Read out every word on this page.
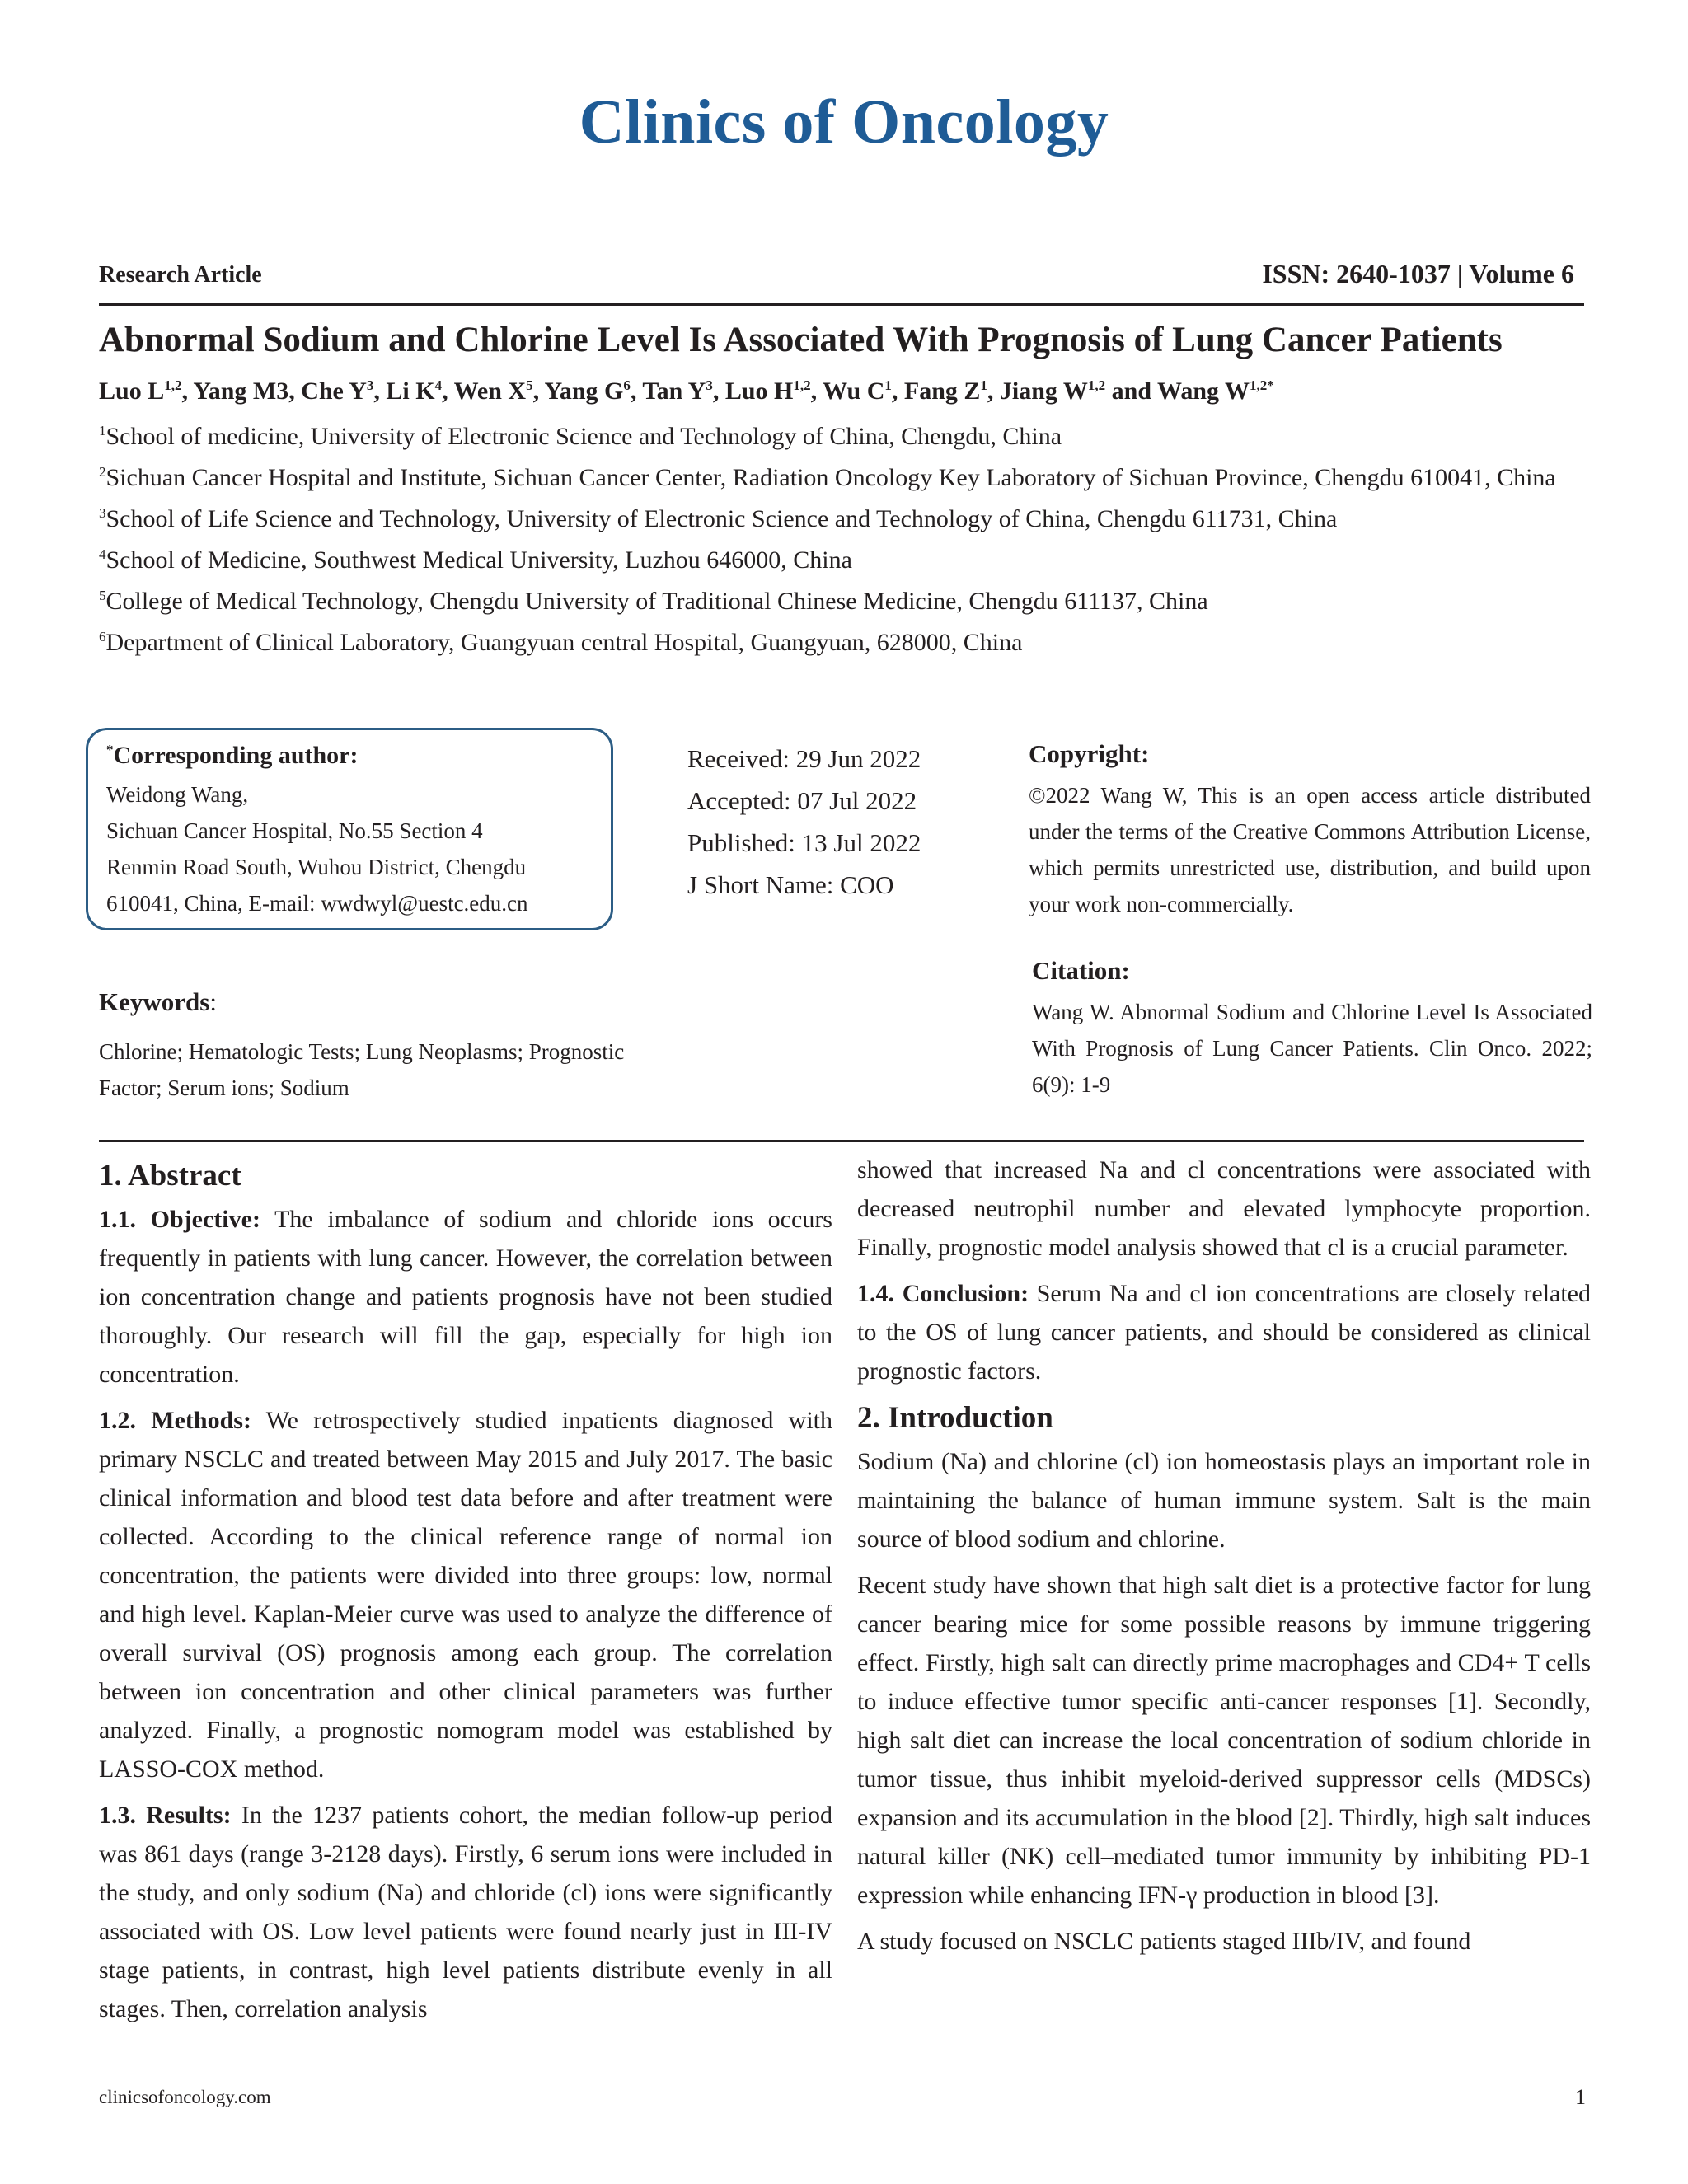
Clinics of Oncology
Research Article	ISSN: 2640-1037 | Volume 6
Abnormal Sodium and Chlorine Level Is Associated With Prognosis of Lung Cancer Patients
Luo L$^{1,2}$, Yang M3, Che $Y^3$, Li $K^4$, Wen $X^5$, Yang $G^6$, Tan $Y^3$, Luo H$^{1,2}$, Wu $C^1$, Fang $Z^1$, Jiang W$^{1,2}$ and Wang $W^{1,2*}$
$^1$School of medicine, University of Electronic Science and Technology of China, Chengdu, China
$^2$Sichuan Cancer Hospital and Institute, Sichuan Cancer Center, Radiation Oncology Key Laboratory of Sichuan Province, Chengdu 610041, China
$^3$School of Life Science and Technology, University of Electronic Science and Technology of China, Chengdu 611731, China
$^4$School of Medicine, Southwest Medical University, Luzhou 646000, China
$^5$College of Medical Technology, Chengdu University of Traditional Chinese Medicine, Chengdu 611137, China
$^6$Department of Clinical Laboratory, Guangyuan central Hospital, Guangyuan, 628000, China
*Corresponding author:
Weidong Wang,
Sichuan Cancer Hospital, No.55 Section 4
Renmin Road South, Wuhou District, Chengdu
610041, China, E-mail: wwdwyl@uestc.edu.cn
Received: 29 Jun 2022
Accepted: 07 Jul 2022
Published: 13 Jul 2022
J Short Name: COO
Copyright:
©2022 Wang W, This is an open access article distributed under the terms of the Creative Commons Attribution License, which permits unrestricted use, distribution, and build upon your work non-commercially.
Citation:
Wang W. Abnormal Sodium and Chlorine Level Is Associated With Prognosis of Lung Cancer Patients. Clin Onco. 2022; 6(9): 1-9
Keywords:
Chlorine; Hematologic Tests; Lung Neoplasms; Prognostic Factor; Serum ions; Sodium
1. Abstract

1.1. Objective: The imbalance of sodium and chloride ions occurs frequently in patients with lung cancer. However, the correlation between ion concentration change and patients prognosis have not been studied thoroughly. Our research will fill the gap, especially for high ion concentration.

1.2. Methods: We retrospectively studied inpatients diagnosed with primary NSCLC and treated between May 2015 and July 2017. The basic clinical information and blood test data before and after treatment were collected. According to the clinical reference range of normal ion concentration, the patients were divided into three groups: low, normal and high level. Kaplan-Meier curve was used to analyze the difference of overall survival (OS) prognosis among each group. The correlation between ion concentration and other clinical parameters was further analyzed. Finally, a prognostic nomogram model was established by LASSO-COX method.

1.3. Results: In the 1237 patients cohort, the median follow-up period was 861 days (range 3-2128 days). Firstly, 6 serum ions were included in the study, and only sodium (Na) and chloride (cl) ions were significantly associated with OS. Low level patients were found nearly just in III-IV stage patients, in contrast, high level patients distribute evenly in all stages. Then, correlation analysis

showed that increased Na and cl concentrations were associated with decreased neutrophil number and elevated lymphocyte proportion. Finally, prognostic model analysis showed that cl is a crucial parameter.

1.4. Conclusion: Serum Na and cl ion concentrations are closely related to the OS of lung cancer patients, and should be considered as clinical prognostic factors.

2. Introduction

Sodium (Na) and chlorine (cl) ion homeostasis plays an important role in maintaining the balance of human immune system. Salt is the main source of blood sodium and chlorine.

Recent study have shown that high salt diet is a protective factor for lung cancer bearing mice for some possible reasons by immune triggering effect. Firstly, high salt can directly prime macrophages and CD4+ T cells to induce effective tumor specific anti-cancer responses [1]. Secondly, high salt diet can increase the local concentration of sodium chloride in tumor tissue, thus inhibit myeloid-derived suppressor cells (MDSCs) expansion and its accumulation in the blood [2]. Thirdly, high salt induces natural killer (NK) cell–mediated tumor immunity by inhibiting PD-1 expression while enhancing IFN-γ production in blood [3].

A study focused on NSCLC patients staged IIIb/IV, and found

clinicsofoncology.com	1
